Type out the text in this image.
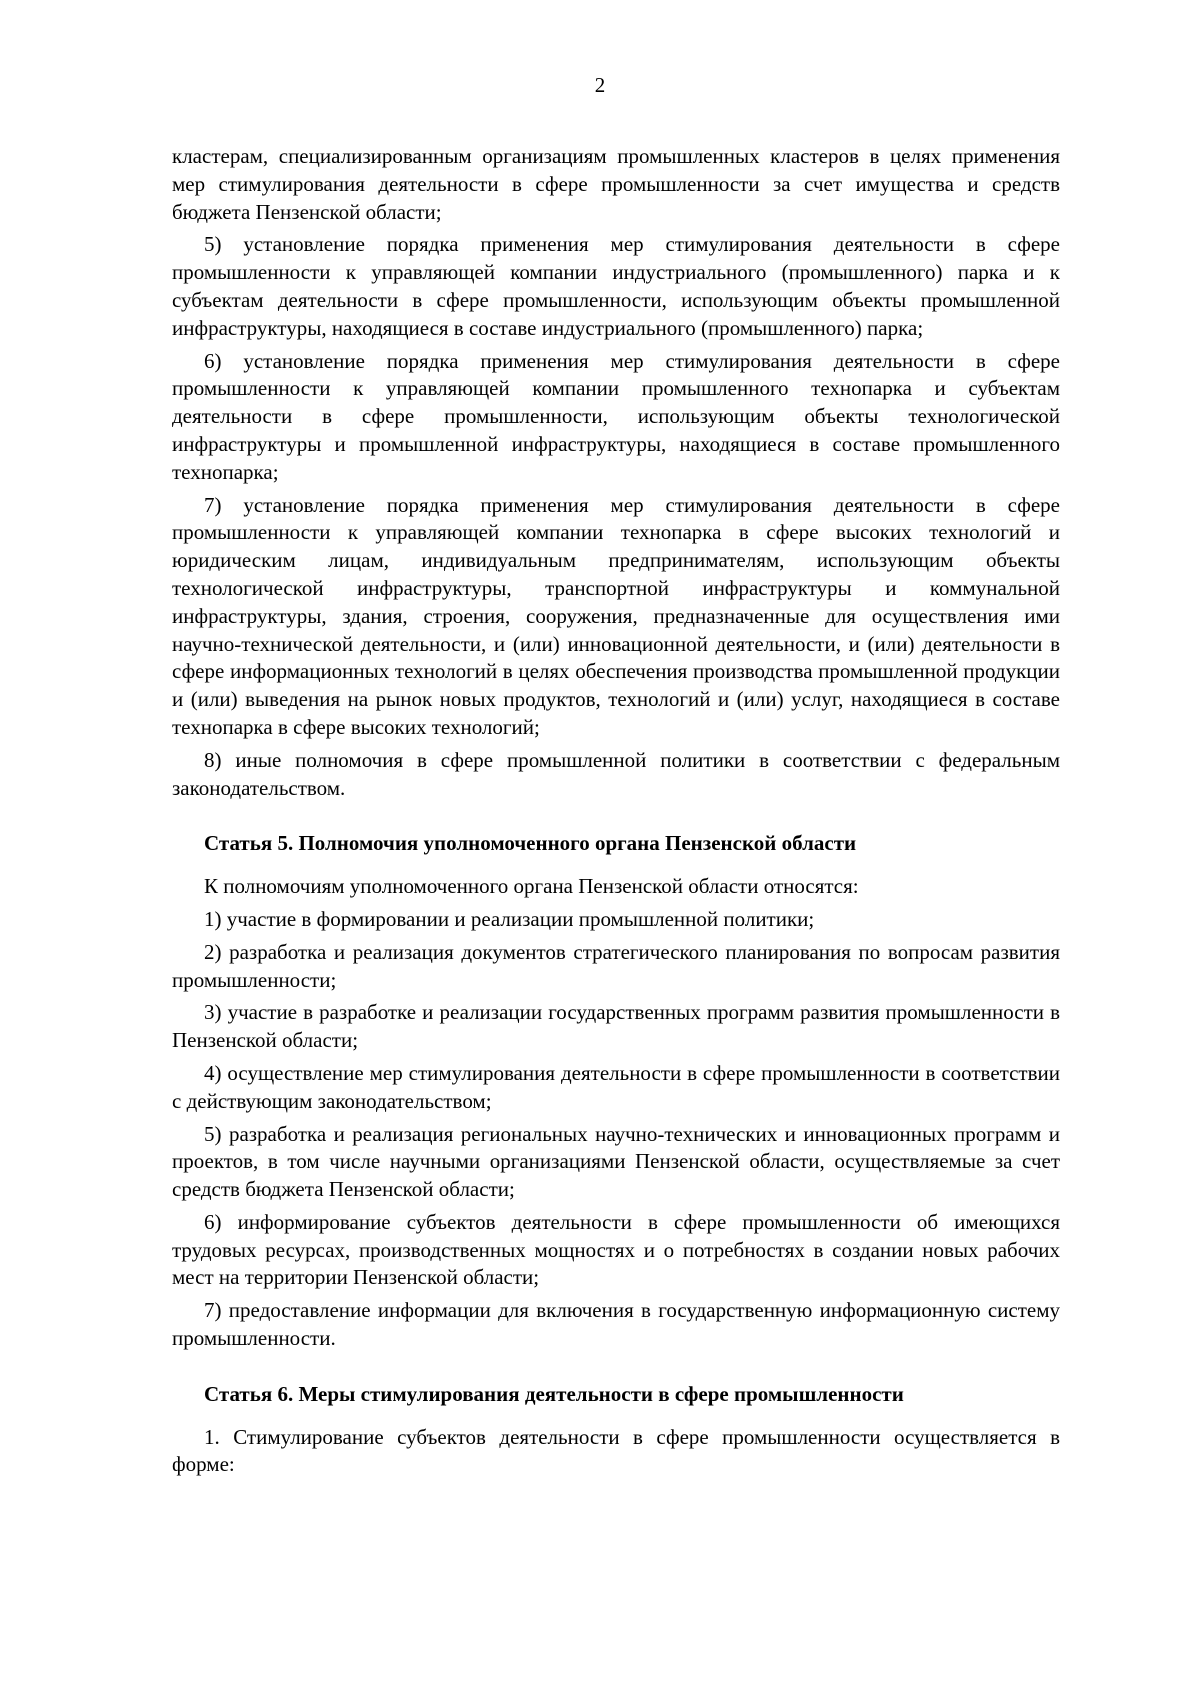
2

кластерам, специализированным организациям промышленных кластеров в целях применения мер стимулирования деятельности в сфере промышленности за счет имущества и средств бюджета Пензенской области;

5) установление порядка применения мер стимулирования деятельности в сфере промышленности к управляющей компании индустриального (промышленного) парка и к субъектам деятельности в сфере промышленности, использующим объекты промышленной инфраструктуры, находящиеся в составе индустриального (промышленного) парка;

6) установление порядка применения мер стимулирования деятельности в сфере промышленности к управляющей компании промышленного технопарка и субъектам деятельности в сфере промышленности, использующим объекты технологической инфраструктуры и промышленной инфраструктуры, находящиеся в составе промышленного технопарка;

7) установление порядка применения мер стимулирования деятельности в сфере промышленности к управляющей компании технопарка в сфере высоких технологий и юридическим лицам, индивидуальным предпринимателям, использующим объекты технологической инфраструктуры, транспортной инфраструктуры и коммунальной инфраструктуры, здания, строения, сооружения, предназначенные для осуществления ими научно-технической деятельности, и (или) инновационной деятельности, и (или) деятельности в сфере информационных технологий в целях обеспечения производства промышленной продукции и (или) выведения на рынок новых продуктов, технологий и (или) услуг, находящиеся в составе технопарка в сфере высоких технологий;

8) иные полномочия в сфере промышленной политики в соответствии с федеральным законодательством.

Статья 5. Полномочия уполномоченного органа Пензенской области

К полномочиям уполномоченного органа Пензенской области относятся:

1) участие в формировании и реализации промышленной политики;

2) разработка и реализация документов стратегического планирования по вопросам развития промышленности;

3) участие в разработке и реализации государственных программ развития промышленности в Пензенской области;

4) осуществление мер стимулирования деятельности в сфере промышленности в соответствии с действующим законодательством;

5) разработка и реализация региональных научно-технических и инновационных программ и проектов, в том числе научными организациями Пензенской области, осуществляемые за счет средств бюджета Пензенской области;

6) информирование субъектов деятельности в сфере промышленности об имеющихся трудовых ресурсах, производственных мощностях и о потребностях в создании новых рабочих мест на территории Пензенской области;

7) предоставление информации для включения в государственную информационную систему промышленности.

Статья 6. Меры стимулирования деятельности в сфере промышленности

1. Стимулирование субъектов деятельности в сфере промышленности осуществляется в форме:
